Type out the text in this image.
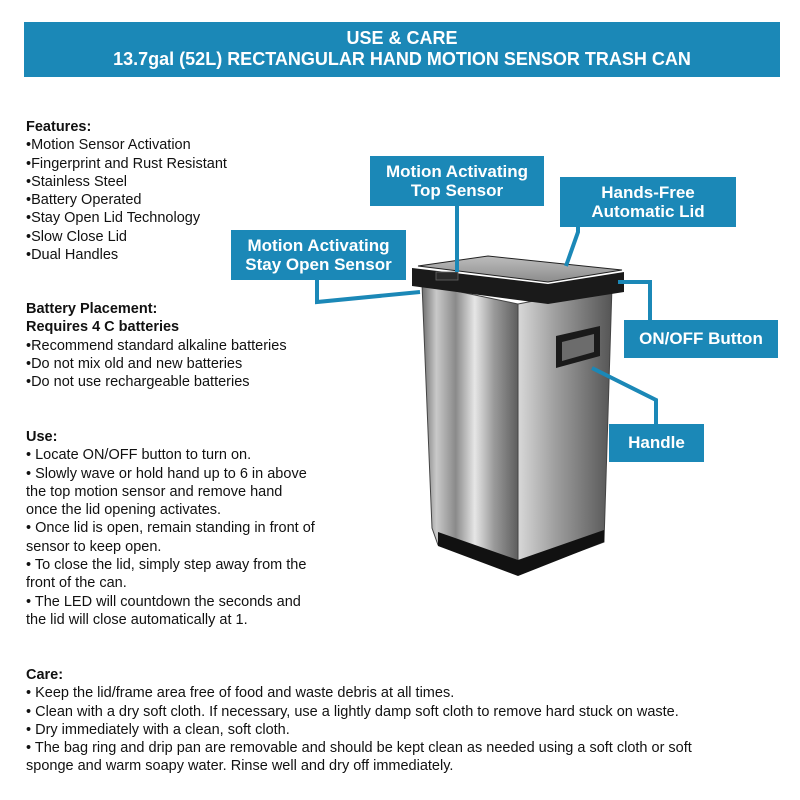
USE & CARE
13.7gal (52L) RECTANGULAR HAND MOTION SENSOR TRASH CAN
Features:
• Motion Sensor Activation
• Fingerprint and Rust Resistant
• Stainless Steel
• Battery Operated
• Stay Open Lid Technology
• Slow Close Lid
• Dual Handles
Battery Placement:
Requires 4 C batteries
• Recommend standard alkaline batteries
• Do not mix old and new batteries
• Do not use rechargeable batteries
Use:
• Locate ON/OFF button to turn on.
• Slowly wave or hold hand up to 6 in above
the top motion sensor and remove hand
once the lid opening activates.
• Once lid is open, remain standing in front of
sensor to keep open.
• To close the lid, simply step away from the
front of the can.
• The LED will countdown the seconds and
the lid will close automatically at 1.
Care:
• Keep the lid/frame area free of food and waste debris at all times.
• Clean with a dry soft cloth. If necessary, use a lightly damp soft cloth to remove hard stuck on waste.
• Dry immediately with a clean, soft cloth.
• The bag ring and drip pan are removable and should be kept clean as needed using a soft cloth or soft
sponge and warm soapy water. Rinse well and dry off immediately.
Motion Activating
Top Sensor	Hands-Free
Automatic Lid
Motion Activating
Stay Open Sensor
ON/OFF Button
Handle
